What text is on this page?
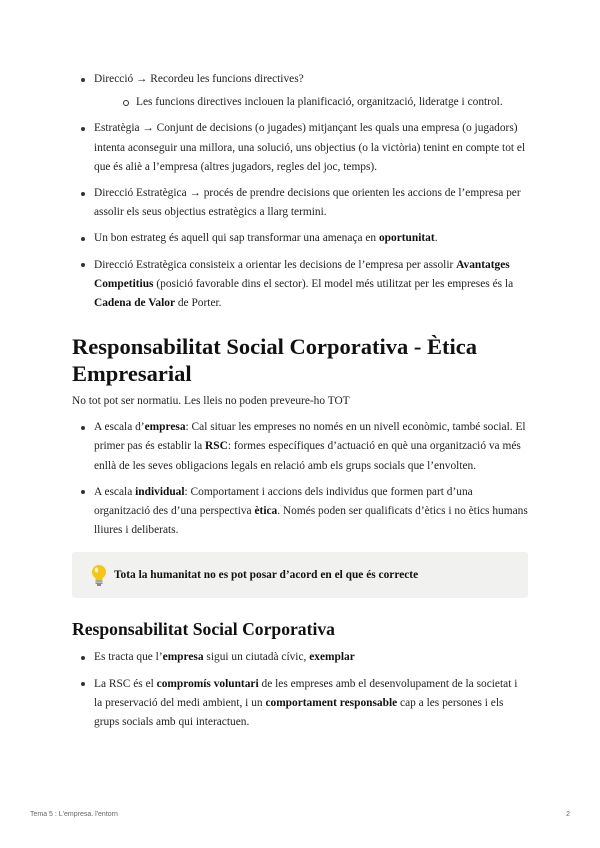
Direcció → Recordeu les funcions directives?
Les funcions directives inclouen la planificació, organització, lideratge i control.
Estratègia → Conjunt de decisions (o jugades) mitjançant les quals una empresa (o jugadors) intenta aconseguir una millora, una solució, uns objectius (o la victòria) tenint en compte tot el que és aliè a l’empresa (altres jugadors, regles del joc, temps).
Direcció Estratègica → procés de prendre decisions que orienten les accions de l’empresa per assolir els seus objectius estratègics a llarg termini.
Un bon estrateg és aquell qui sap transformar una amenaça en oportunitat.
Direcció Estratègica consisteix a orientar les decisions de l’empresa per assolir Avantatges Competitius (posició favorable dins el sector). El model més utilitzat per les empreses és la Cadena de Valor de Porter.
Responsabilitat Social Corporativa - Ètica Empresarial

No tot pot ser normatiu. Les lleis no poden preveure-ho TOT

A escala d’empresa: Cal situar les empreses no només en un nivell econòmic, també social. El primer pas és establir la RSC: formes específiques d’actuació en què una organització va més enllà de les seves obligacions legals en relació amb els grups socials que l’envolten.
A escala individual: Comportament i accions dels individus que formen part d’una organització des d’una perspectiva ètica. Només poden ser qualificats d’ètics i no ètics humans lliures i deliberats.
Tota la humanitat no es pot posar d’acord en el que és correcte
Responsabilitat Social Corporativa
Es tracta que l’empresa sigui un ciutadà cívic, exemplar
La RSC és el compromís voluntari de les empreses amb el desenvolupament de la societat i la preservació del medi ambient, i un comportament responsable cap a les persones i els grups socials amb qui interactuen.
Tema 5 : L'empresa. l'entorn	2
